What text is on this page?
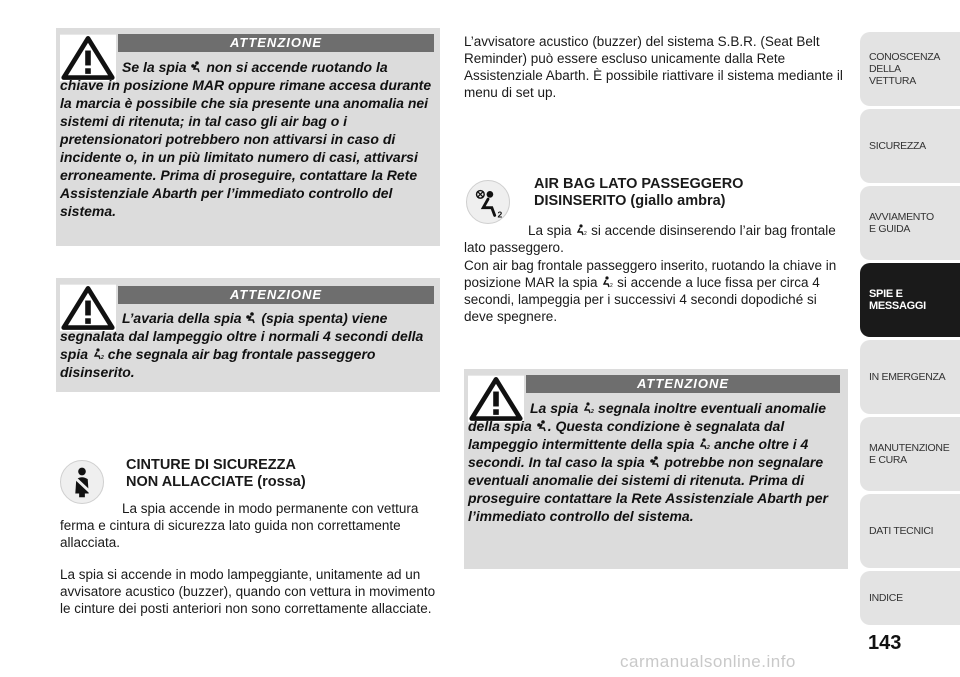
ATTENZIONE

Se la spia non si accende ruotando la chiave in posizione MAR oppure rimane accesa durante la marcia è possibile che sia presente una anomalia nei sistemi di ritenuta; in tal caso gli air bag o i pretensionatori potrebbero non attivarsi in caso di incidente o, in un più limitato numero di casi, attivarsi erroneamente. Prima di proseguire, contattare la Rete Assistenziale Abarth per l’immediato controllo del sistema.

ATTENZIONE

L’avaria della spia (spia spenta) viene segnalata dal lampeggio oltre i normali 4 secondi della spia	2 che segnala air bag frontale passeggero disinserito.

CINTURE DI SICUREZZA
NON ALLACCIATE (rossa)

La spia accende in modo permanente con vettura ferma e cintura di sicurezza lato guida non correttamente allacciata.

La spia si accende in modo lampeggiante, unitamente ad un avvisatore acustico (buzzer), quando con vettura in movimento le cinture dei posti anteriori non sono correttamente allacciate.

L’avvisatore acustico (buzzer) del sistema S.B.R. (Seat Belt Reminder) può essere escluso unicamente dalla Rete Assistenziale Abarth. È possibile riattivare il sistema mediante il menu di set up.

2

AIR BAG LATO PASSEGGERO
DISINSERITO (giallo ambra)

La spia	2 si accende disinserendo l’air bag frontale lato passeggero.

Con air bag frontale passeggero inserito, ruotando la chiave in posizione MAR la spia	2 si accende a luce fissa per circa 4 secondi, lampeggia per i successivi 4 secondi dopodiché si deve spegnere.

ATTENZIONE

La spia	2 segnala inoltre eventuali anomalie della spia . Questa condizione è segnalata dal lampeggio intermittente della spia	2 anche oltre i 4 secondi. In tal caso la spia potrebbe non segnalare eventuali anomalie dei sistemi di ritenuta. Prima di proseguire contattare la Rete Assistenziale Abarth per l’immediato controllo del sistema.

CONOSCENZA
DELLA
VETTURA
SICUREZZA
AVVIAMENTO
E GUIDA
SPIE E
MESSAGGI
IN EMERGENZA
MANUTENZIONE
E CURA
DATI TECNICI
INDICE
143
carmanualsonline.info
